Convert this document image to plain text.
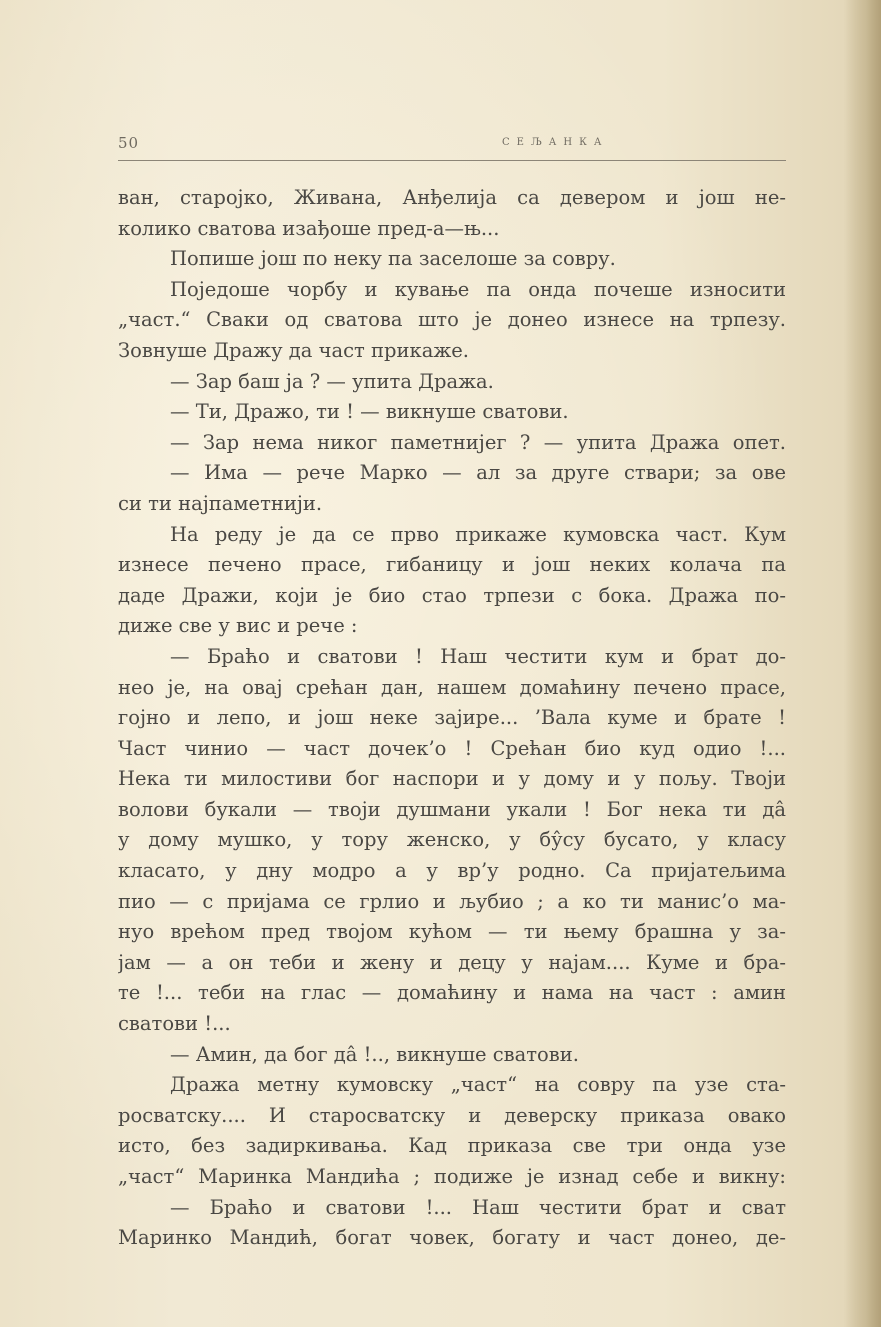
50	СЕЉАНКА
ван, старојко, Живана, Анђелија са девером и још не-
колико сватова изађоше пред-а—њ...
Попише још по неку па заселоше за совру.
Поједоше чорбу и кување па онда почеше износити
„част.“ Сваки од сватова што је донео изнесе на трпезу.
Зовнуше Дражу да част прикаже.
— Зар баш ја ? — упита Дража.
— Ти, Дражо, ти ! — викнуше сватови.
— Зар нема никог паметнијег ? — упита Дража опет.
— Има — рече Марко — ал за друге ствари; за ове
си ти најпаметнији.
На реду је да се прво прикаже кумовска част. Кум
изнесе печено прасе, гибаницу и још неких колача па
даде Дражи, који је био стао трпези с бока. Дража по-
диже све у вис и рече :
— Браћо и сватови ! Наш честити кум и брат до-
нео је, на овај срећан дан, нашем домаћину печено прасе,
гојно и лепо, и још неке зајире... ’Вала куме и брате !
Част чинио — част дочек’о ! Срећан био куд одио !...
Нека ти милостиви бог наспори и у дому и у пољу. Твоји
волови букали — твоји душмани укали ! Бог нека ти да̂
у дому мушко, у тору женско, у бу̂су бусато, у класу
класато, у дну модро а у вр’у родно. Са пријатељима
пио — с пријама се грлио и љубио ; а ко ти манис’о ма-
нуо врећом пред твојом кућом — ти њему брашна у за-
јам — а он теби и жену и децу у најам.... Куме и бра-
те !... теби на глас — домаћину и нама на част : амин
сватови !...
— Амин, да бог да̂ !.., викнуше сватови.
Дража метну кумовску „част“ на совру па узе ста-
росватску.... И старосватску и деверску приказа овако
исто, без задиркивања. Кад приказа све три онда узе
„част“ Маринка Мандића ; подиже је изнад себе и викну:
— Браћо и сватови !... Наш честити брат и сват
Маринко Мандић, богат човек, богату и част донео, де-
